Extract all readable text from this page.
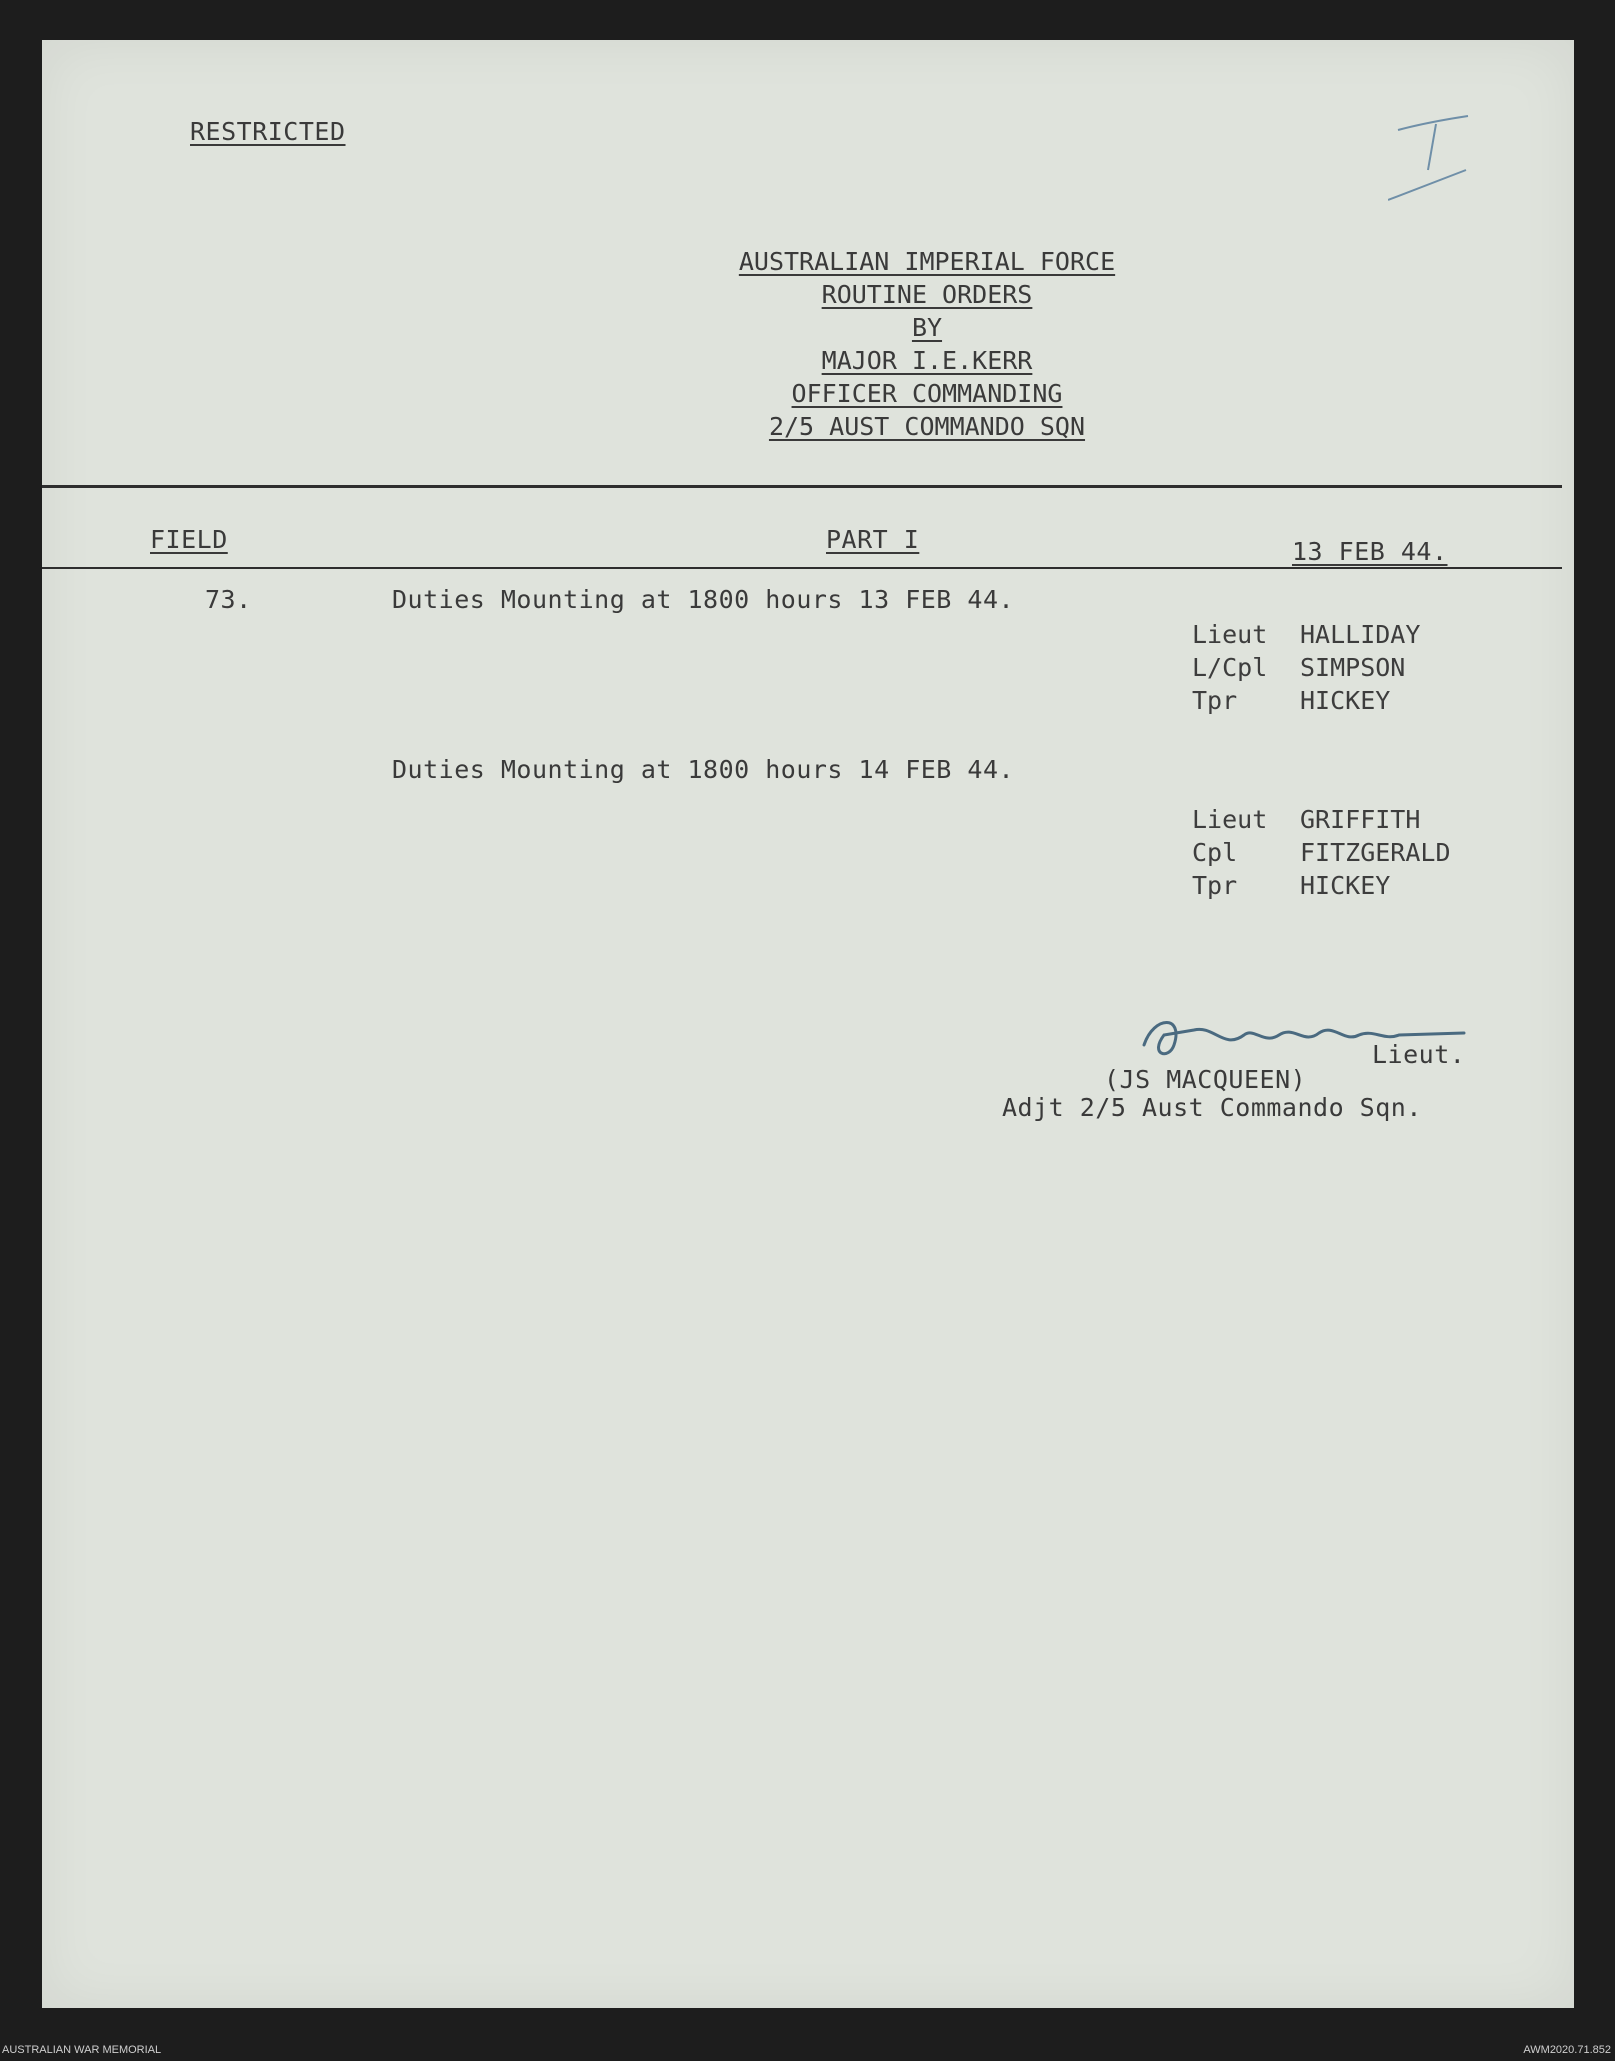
RESTRICTED
AUSTRALIAN IMPERIAL FORCE
ROUTINE ORDERS
BY
MAJOR I.E.KERR
OFFICER COMMANDING
2/5 AUST COMMANDO SQN
FIELD	PART I	13 FEB 44.
73.	Duties Mounting at 1800 hours 13 FEB 44.
Lieut HALLIDAY
L/Cpl SIMPSON
Tpr	HICKEY
Duties Mounting at 1800 hours 14 FEB 44.
Lieut GRIFFITH
Cpl	FITZGERALD
Tpr	HICKEY
Lieut.
(JS MACQUEEN)
Adjt 2/5 Aust Commando Sqn.
AUSTRALIAN WAR MEMORIAL	AWM2020.71.852
